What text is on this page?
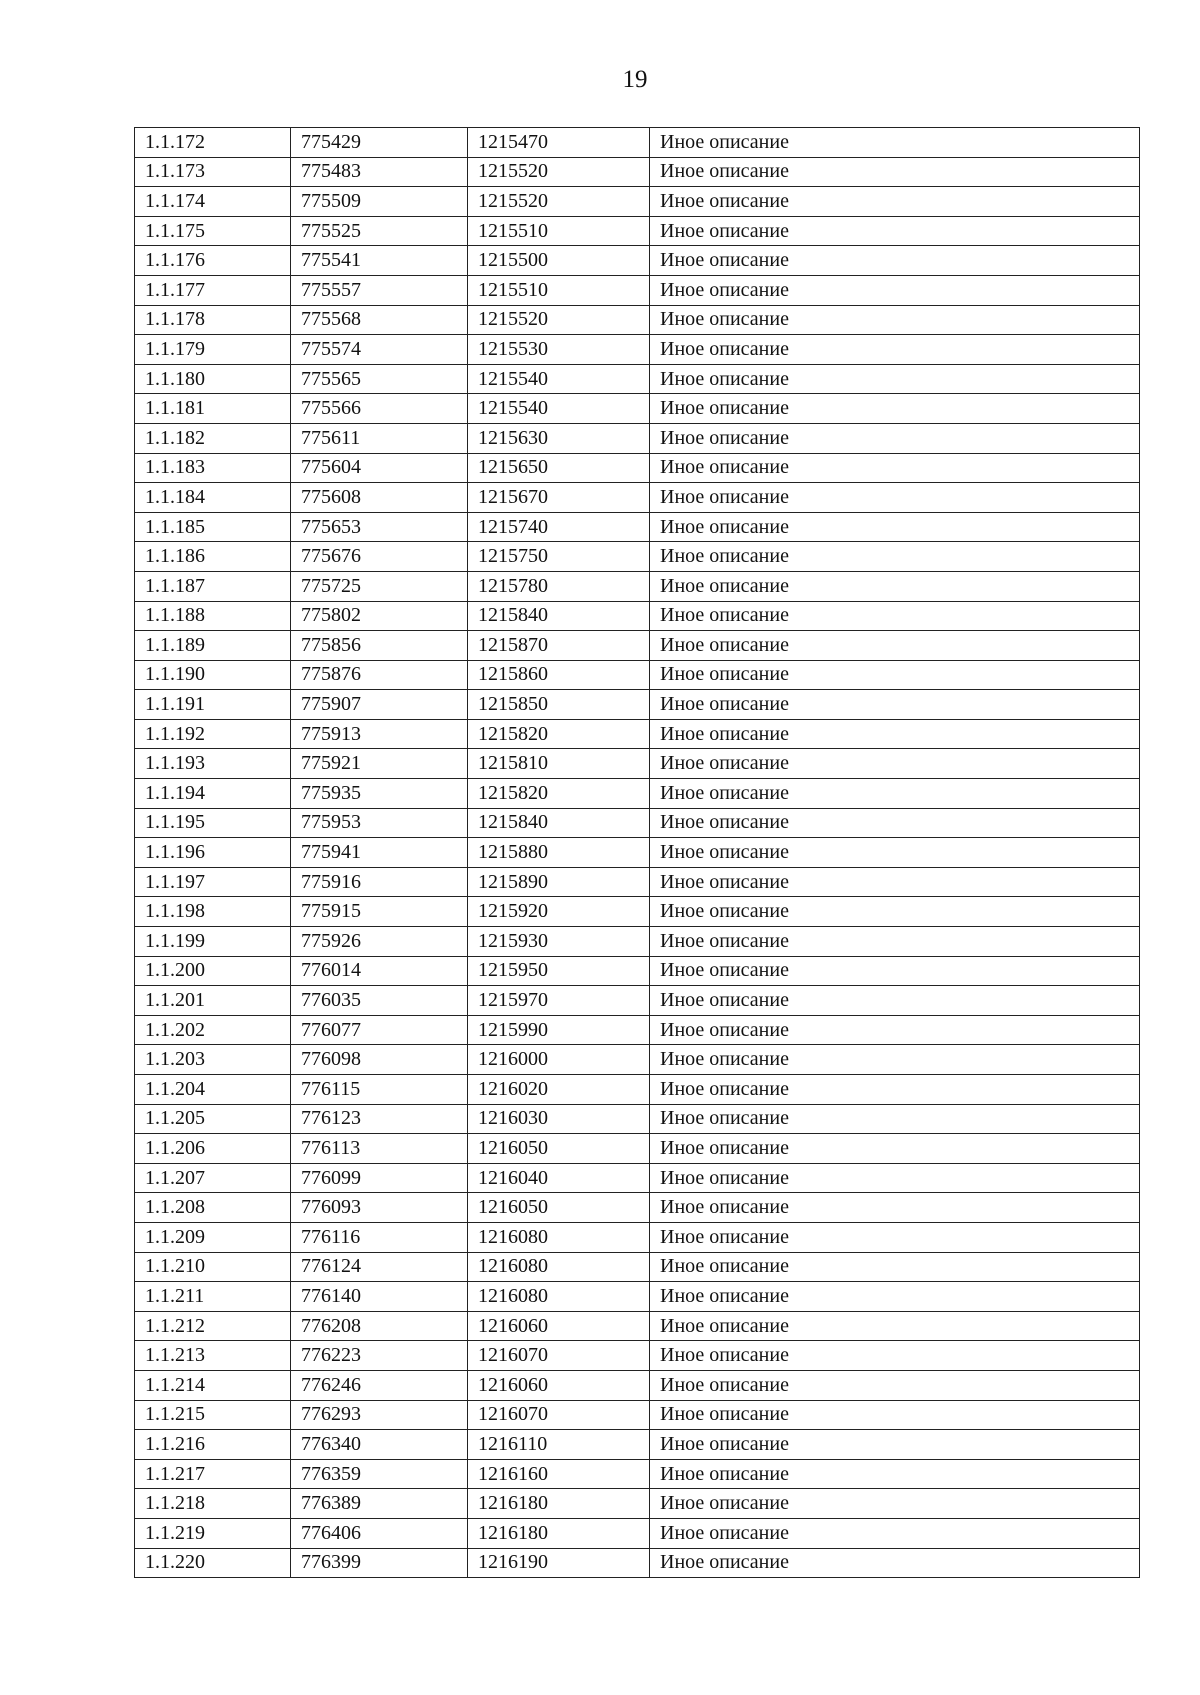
19
1.1.172	775429	1215470	Иное описание
1.1.173	775483	1215520	Иное описание
1.1.174	775509	1215520	Иное описание
1.1.175	775525	1215510	Иное описание
1.1.176	775541	1215500	Иное описание
1.1.177	775557	1215510	Иное описание
1.1.178	775568	1215520	Иное описание
1.1.179	775574	1215530	Иное описание
1.1.180	775565	1215540	Иное описание
1.1.181	775566	1215540	Иное описание
1.1.182	775611	1215630	Иное описание
1.1.183	775604	1215650	Иное описание
1.1.184	775608	1215670	Иное описание
1.1.185	775653	1215740	Иное описание
1.1.186	775676	1215750	Иное описание
1.1.187	775725	1215780	Иное описание
1.1.188	775802	1215840	Иное описание
1.1.189	775856	1215870	Иное описание
1.1.190	775876	1215860	Иное описание
1.1.191	775907	1215850	Иное описание
1.1.192	775913	1215820	Иное описание
1.1.193	775921	1215810	Иное описание
1.1.194	775935	1215820	Иное описание
1.1.195	775953	1215840	Иное описание
1.1.196	775941	1215880	Иное описание
1.1.197	775916	1215890	Иное описание
1.1.198	775915	1215920	Иное описание
1.1.199	775926	1215930	Иное описание
1.1.200	776014	1215950	Иное описание
1.1.201	776035	1215970	Иное описание
1.1.202	776077	1215990	Иное описание
1.1.203	776098	1216000	Иное описание
1.1.204	776115	1216020	Иное описание
1.1.205	776123	1216030	Иное описание
1.1.206	776113	1216050	Иное описание
1.1.207	776099	1216040	Иное описание
1.1.208	776093	1216050	Иное описание
1.1.209	776116	1216080	Иное описание
1.1.210	776124	1216080	Иное описание
1.1.211	776140	1216080	Иное описание
1.1.212	776208	1216060	Иное описание
1.1.213	776223	1216070	Иное описание
1.1.214	776246	1216060	Иное описание
1.1.215	776293	1216070	Иное описание
1.1.216	776340	1216110	Иное описание
1.1.217	776359	1216160	Иное описание
1.1.218	776389	1216180	Иное описание
1.1.219	776406	1216180	Иное описание
1.1.220	776399	1216190	Иное описание
